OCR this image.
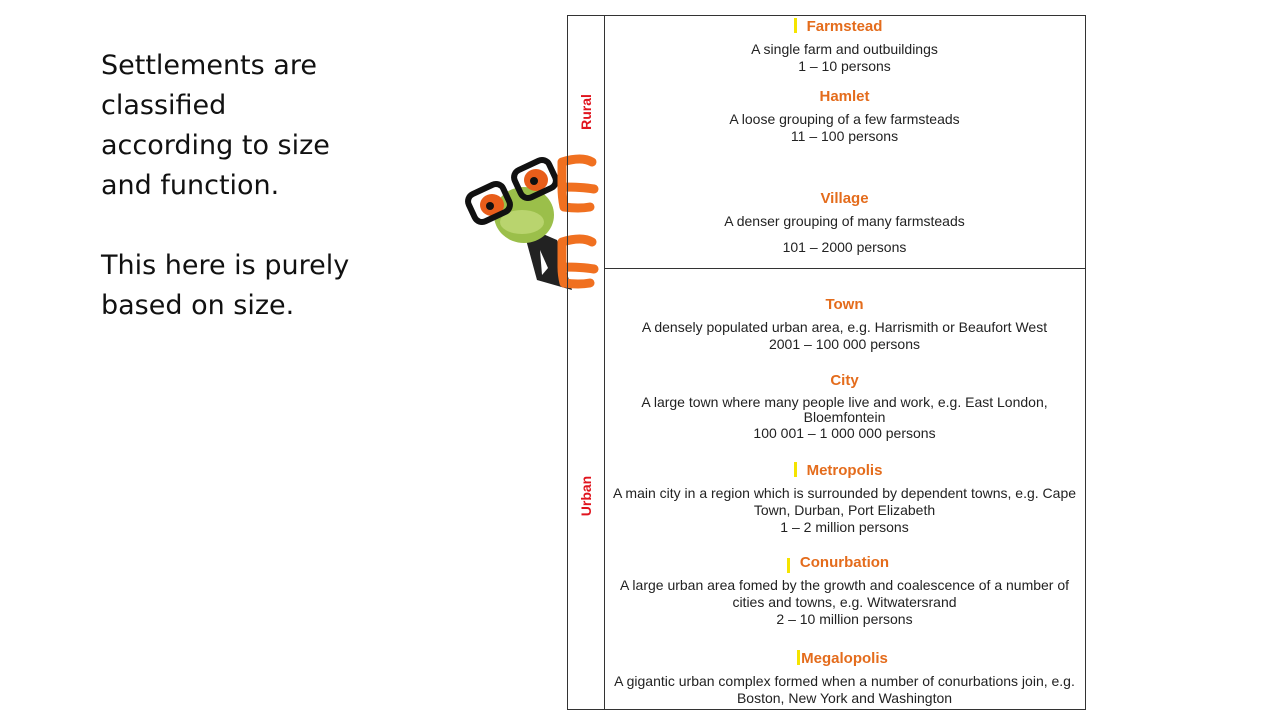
Settlements are classified according to size and function.

This here is purely based on size.

Rural
Urban
Farmstead
A single farm and outbuildings
1 – 10 persons
Hamlet
A loose grouping of a few farmsteads
11 – 100 persons
Village
A denser grouping of many farmsteads
101 – 2000 persons
Town
A densely populated urban area, e.g. Harrismith or Beaufort West
2001 – 100 000 persons
City
A large town where many people live and work, e.g. East London, Bloemfontein
100 001 – 1 000 000 persons
Metropolis
A main city in a region which is surrounded by dependent towns, e.g. Cape Town, Durban, Port Elizabeth
1 – 2 million persons
Conurbation
A large urban area fomed by the growth and coalescence of a number of cities and towns, e.g. Witwatersrand
2 – 10 million persons
Megalopolis
A gigantic urban complex formed when a number of conurbations join, e.g. Boston, New York and Washington
